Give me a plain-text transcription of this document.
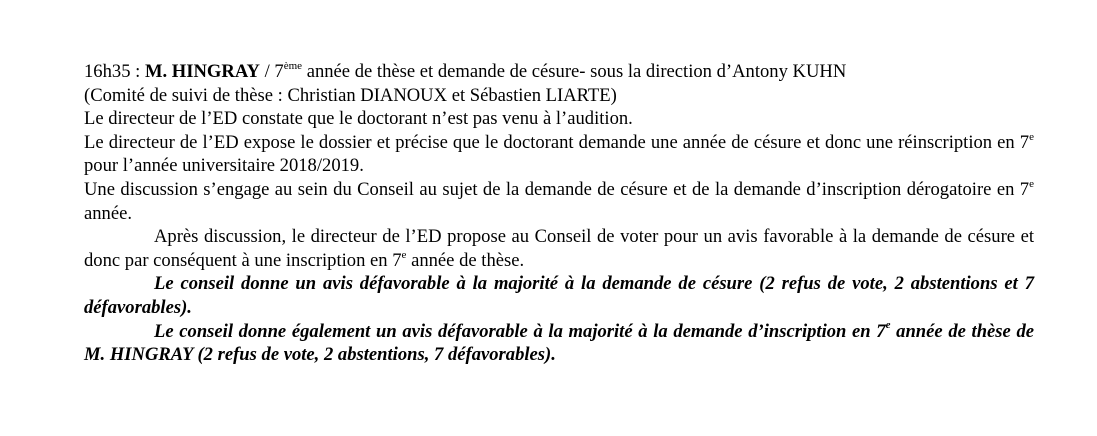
16h35 : M. HINGRAY / 7ème année de thèse et demande de césure- sous la direction d’Antony KUHN

(Comité de suivi de thèse : Christian DIANOUX et Sébastien LIARTE)

Le directeur de l’ED constate que le doctorant n’est pas venu à l’audition.

Le directeur de l’ED expose le dossier et précise que le doctorant demande une année de césure et donc une réinscription en 7e pour l’année universitaire 2018/2019.

Une discussion s’engage au sein du Conseil au sujet de la demande de césure et de la demande d’inscription dérogatoire en 7e année.

Après discussion, le directeur de l’ED propose au Conseil de voter pour un avis favorable à la demande de césure et donc par conséquent à une inscription en 7e année de thèse.

Le conseil donne un avis défavorable à la majorité à la demande de césure (2 refus de vote, 2 abstentions et 7 défavorables).

Le conseil donne également un avis défavorable à la majorité à la demande d’inscription en 7e année de thèse de M. HINGRAY (2 refus de vote, 2 abstentions, 7 défavorables).
